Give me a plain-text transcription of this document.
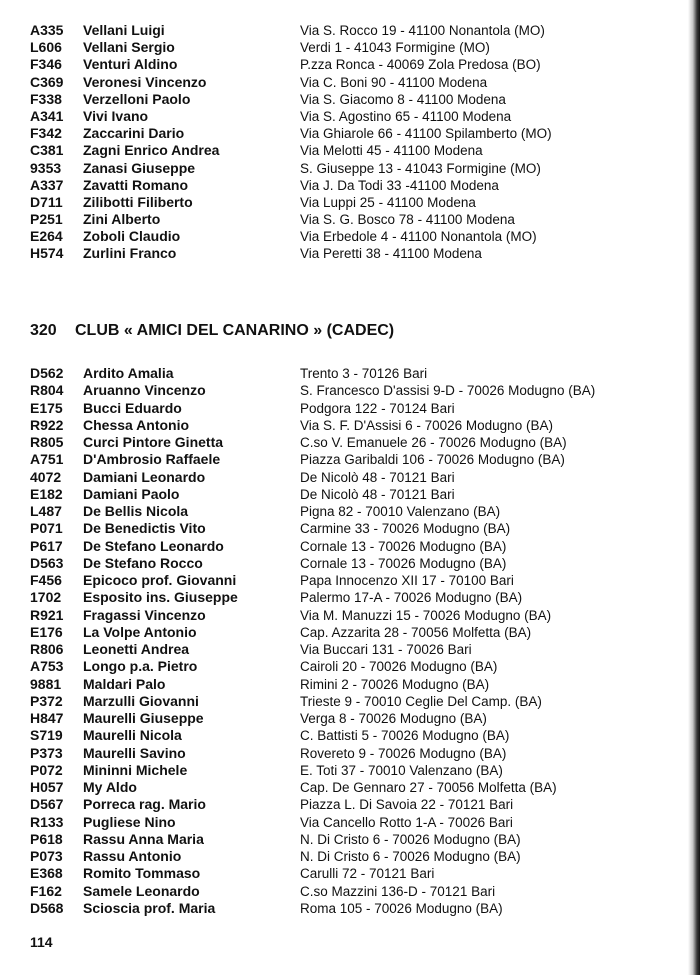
A335 Vellani Luigi	Via S. Rocco 19 - 41100 Nonantola (MO)
L606 Vellani Sergio	Verdi 1 - 41043 Formigine (MO)
F346 Venturi Aldino	P.zza Ronca - 40069 Zola Predosa (BO)
C369 Veronesi Vincenzo	Via C. Boni 90 - 41100 Modena
F338 Verzelloni Paolo	Via S. Giacomo 8 - 41100 Modena
A341 Vivi Ivano	Via S. Agostino 65 - 41100 Modena
F342 Zaccarini Dario	Via Ghiarole 66 - 41100 Spilamberto (MO)
C381 Zagni Enrico Andrea	Via Melotti 45 - 41100 Modena
9353 Zanasi Giuseppe	S. Giuseppe 13 - 41043 Formigine (MO)
A337 Zavatti Romano	Via J. Da Todi 33 -41100 Modena
D711 Zilibotti Filiberto	Via Luppi 25 - 41100 Modena
P251 Zini Alberto	Via S. G. Bosco 78 - 41100 Modena
E264 Zoboli Claudio	Via Erbedole 4 - 41100 Nonantola (MO)
H574 Zurlini Franco	Via Peretti 38 - 41100 Modena
320 CLUB « AMICI DEL CANARINO » (CADEC)
D562 Ardito Amalia	Trento 3 - 70126 Bari
R804 Aruanno Vincenzo	S. Francesco D'assisi 9-D - 70026 Modugno (BA)
E175 Bucci Eduardo	Podgora 122 - 70124 Bari
R922 Chessa Antonio	Via S. F. D'Assisi 6 - 70026 Modugno (BA)
R805 Curci Pintore Ginetta	C.so V. Emanuele 26 - 70026 Modugno (BA)
A751 D'Ambrosio Raffaele	Piazza Garibaldi 106 - 70026 Modugno (BA)
4072 Damiani Leonardo	De Nicolò 48 - 70121 Bari
E182 Damiani Paolo	De Nicolò 48 - 70121 Bari
L487 De Bellis Nicola	Pigna 82 - 70010 Valenzano (BA)
P071 De Benedictis Vito	Carmine 33 - 70026 Modugno (BA)
P617 De Stefano Leonardo	Cornale 13 - 70026 Modugno (BA)
D563 De Stefano Rocco	Cornale 13 - 70026 Modugno (BA)
F456 Epicoco prof. Giovanni	Papa Innocenzo XII 17 - 70100 Bari
1702 Esposito ins. Giuseppe	Palermo 17-A - 70026 Modugno (BA)
R921 Fragassi Vincenzo	Via M. Manuzzi 15 - 70026 Modugno (BA)
E176 La Volpe Antonio	Cap. Azzarita 28 - 70056 Molfetta (BA)
R806 Leonetti Andrea	Via Buccari 131 - 70026 Bari
A753 Longo p.a. Pietro	Cairoli 20 - 70026 Modugno (BA)
9881 Maldari Palo	Rimini 2 - 70026 Modugno (BA)
P372 Marzulli Giovanni	Trieste 9 - 70010 Ceglie Del Camp. (BA)
H847 Maurelli Giuseppe	Verga 8 - 70026 Modugno (BA)
S719 Maurelli Nicola	C. Battisti 5 - 70026 Modugno (BA)
P373 Maurelli Savino	Rovereto 9 - 70026 Modugno (BA)
P072 Mininni Michele	E. Toti 37 - 70010 Valenzano (BA)
H057 My Aldo	Cap. De Gennaro 27 - 70056 Molfetta (BA)
D567 Porreca rag. Mario	Piazza L. Di Savoia 22 - 70121 Bari
R133 Pugliese Nino	Via Cancello Rotto 1-A - 70026 Bari
P618 Rassu Anna Maria	N. Di Cristo 6 - 70026 Modugno (BA)
P073 Rassu Antonio	N. Di Cristo 6 - 70026 Modugno (BA)
E368 Romito Tommaso	Carulli 72 - 70121 Bari
F162 Samele Leonardo	C.so Mazzini 136-D - 70121 Bari
D568 Scioscia prof. Maria	Roma 105 - 70026 Modugno (BA)
114
